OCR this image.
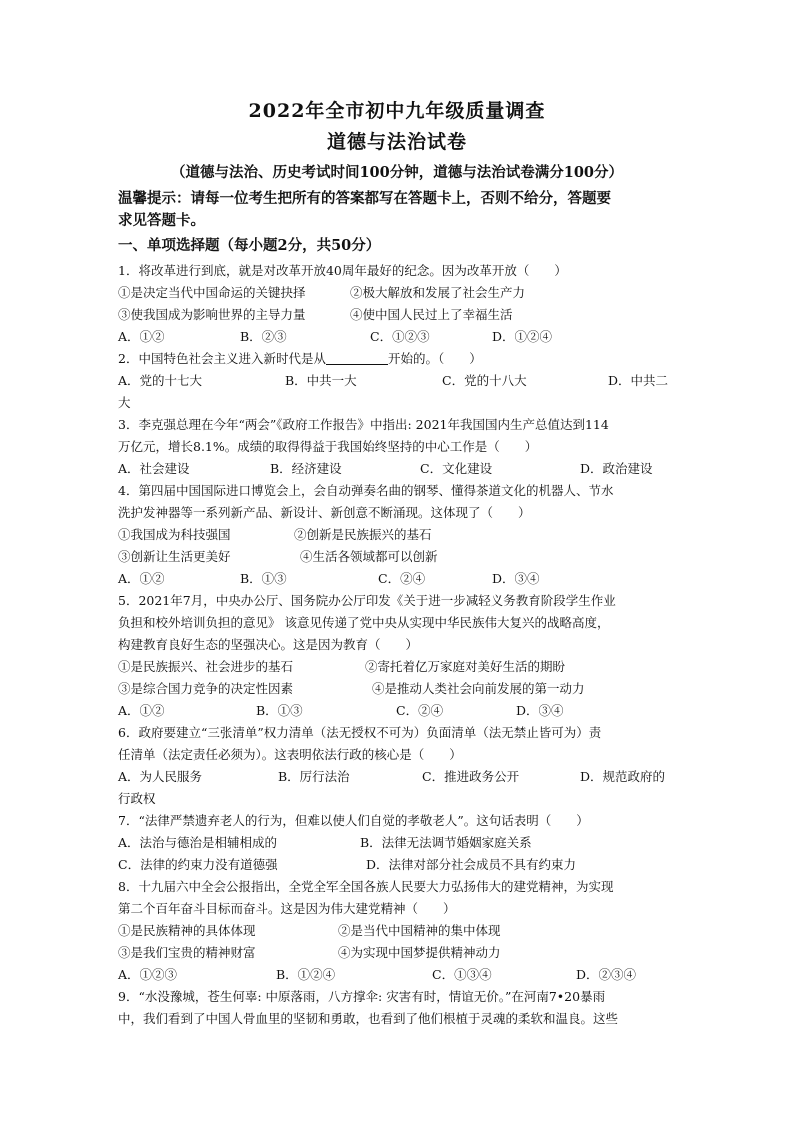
2022年全市初中九年级质量调查
道德与法治试卷
（道德与法治、历史考试时间100分钟，道德与法治试卷满分100分）
温馨提示：请每一位考生把所有的答案都写在答题卡上，否则不给分，答题要
求见答题卡。
一、单项选择题（每小题2分，共50分）
1．将改革进行到底，就是对改革开放40周年最好的纪念。因为改革开放（　　）
①是决定当代中国命运的关键抉择	②极大解放和发展了社会生产力
③使我国成为影响世界的主导力量	④使中国人民过上了幸福生活
A．①②	B．②③	C．①②③	D．①②④
2．中国特色社会主义进入新时代是从	开始的。（　　）
A．党的十七大	B．中共一大	C．党的十八大	D．中共二
大
3．李克强总理在今年“两会”《政府工作报告》中指出: 2021年我国国内生产总值达到114
万亿元，增长8.1%。成绩的取得得益于我国始终坚持的中心工作是（　　）
A．社会建设	B．经济建设	C．文化建设	D．政治建设
4．第四届中国国际进口博览会上，会自动弹奏名曲的钢琴、懂得茶道文化的机器人、节水
洗护发神器等一系列新产品、新设计、新创意不断涌现。这体现了（　　）
①我国成为科技强国	②创新是民族振兴的基石
③创新让生活更美好	④生活各领域都可以创新
A．①②	B．①③	C．②④	D．③④
5．2021年7月，中央办公厅、国务院办公厅印发《关于进一步减轻义务教育阶段学生作业
负担和校外培训负担的意见》 该意见传递了党中央从实现中华民族伟大复兴的战略高度，
构建教育良好生态的坚强决心。这是因为教育（　　）
①是民族振兴、社会进步的基石	②寄托着亿万家庭对美好生活的期盼
③是综合国力竞争的决定性因素	④是推动人类社会向前发展的第一动力
A．①②	B．①③	C．②④	D．③④
6．政府要建立“三张清单”权力清单（法无授权不可为）负面清单（法无禁止皆可为）责
任清单（法定责任必须为）。这表明依法行政的核心是（　　）
A．为人民服务	B．厉行法治	C．推进政务公开	D．规范政府的
行政权
7．“法律严禁遗弃老人的行为，但难以使人们自觉的孝敬老人”。这句话表明（　　）
A．法治与德治是相辅相成的	B．法律无法调节婚姻家庭关系
C．法律的约束力没有道德强	D．法律对部分社会成员不具有约束力
8．十九届六中全会公报指出，全党全军全国各族人民要大力弘扬伟大的建党精神，为实现
第二个百年奋斗目标而奋斗。这是因为伟大建党精神（　　）
①是民族精神的具体体现	②是当代中国精神的集中体现
③是我们宝贵的精神财富	④为实现中国梦提供精神动力
A．①②③	B．①②④	C．①③④	D．②③④
9．“水没豫城，苍生何辜: 中原落雨，八方撑伞: 灾害有时，情谊无价。”在河南7•20暴雨
中，我们看到了中国人骨血里的坚韧和勇敢，也看到了他们根植于灵魂的柔软和温良。这些
